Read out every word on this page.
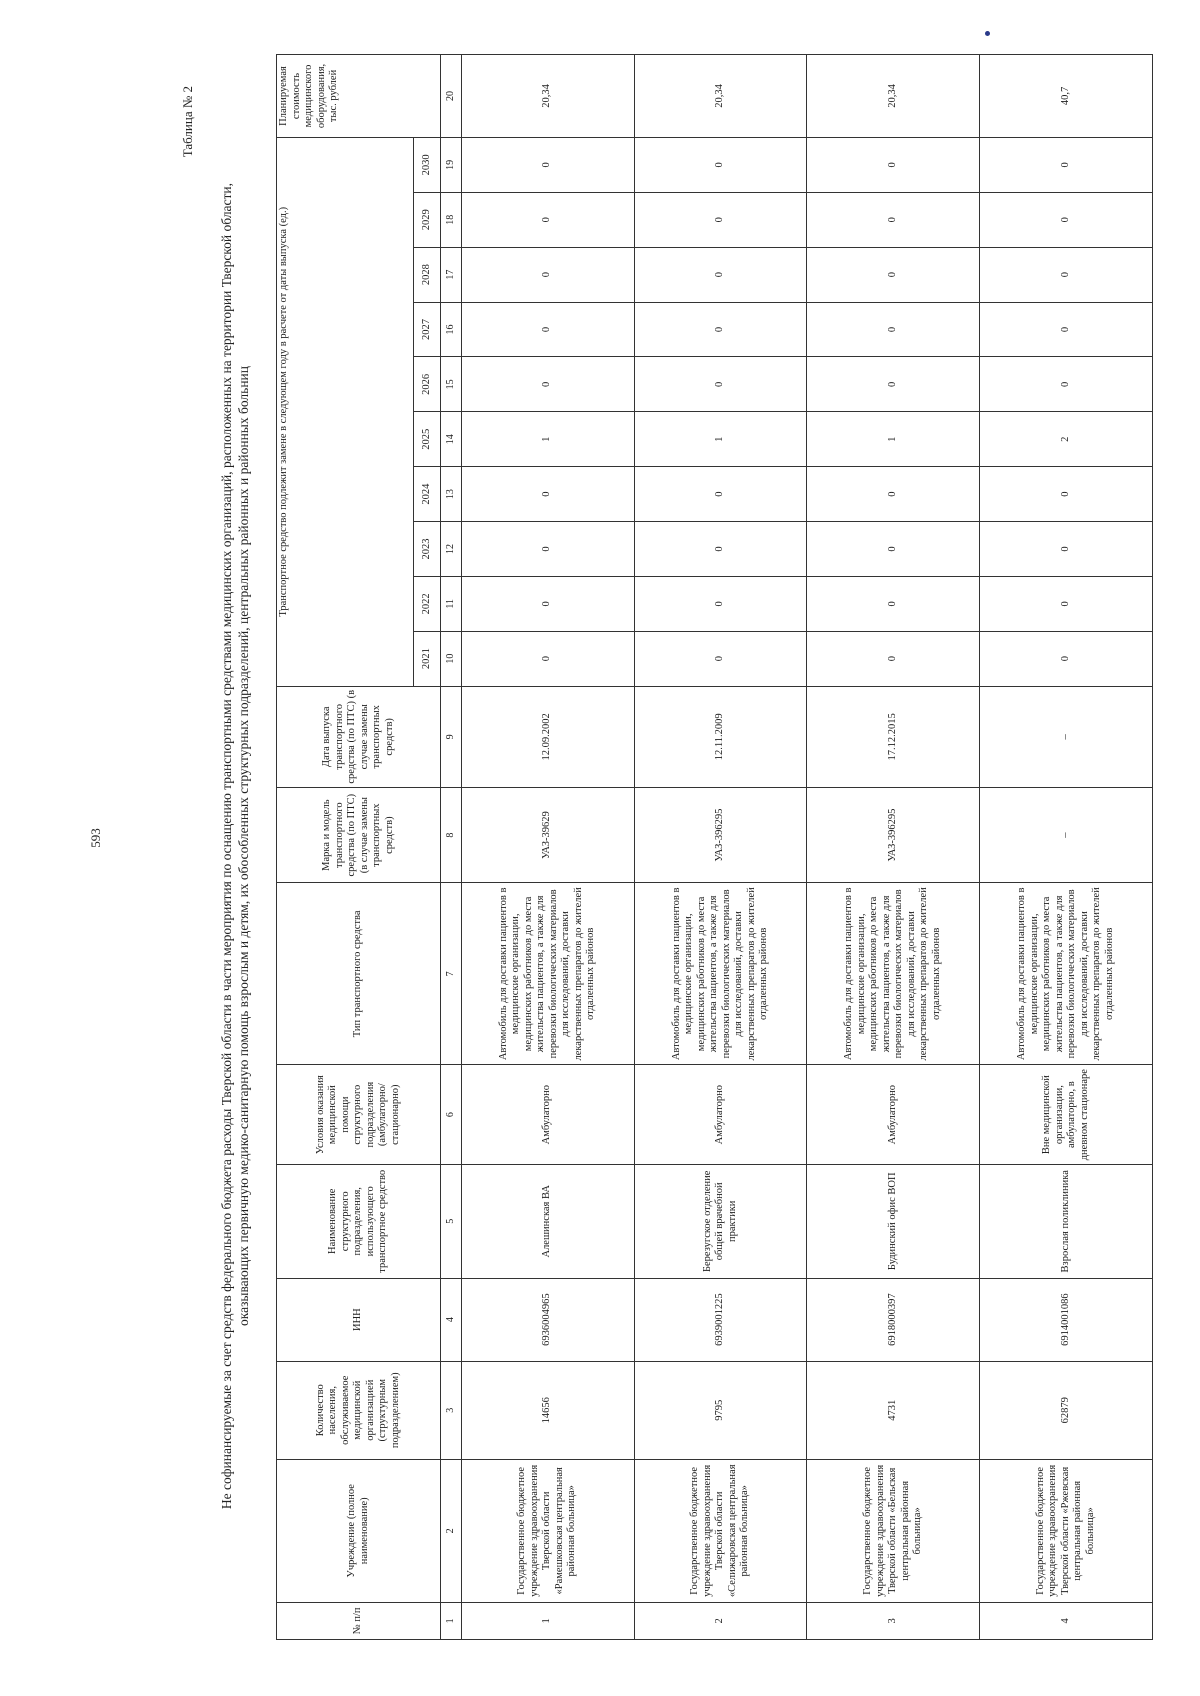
593
Таблица № 2
Не софинансируемые за счет средств федерального бюджета расходы Тверской области в части мероприятия по оснащению транспортными средствами медицинских организаций, расположенных на территории Тверской области, оказывающих первичную медико-санитарную помощь взрослым и детям, их обособленных структурных подразделений, центральных районных и районных больниц
№ п/п	Учреждение (полное наименование)	Количество населения, обслуживаемое медицинской организацией (структурным подразделением)	ИНН	Наименование структурного подразделения, использующего транспортное средство	Условия оказания медицинской помощи структурного подразделения (амбулаторно/ стационарно)	Тип транспортного средства	Марка и модель транспортного средства (по ПТС) (в случае замены транспортных средств)	Дата выпуска транспортного средства (по ПТС) (в случае замены транспортных средств)	Транспортное средство подлежит замене в следующем году в расчете от даты выпуска (ед.)										Планируемая стоимость медицинского оборудования, тыс. рублей
									2021	2022	2023	2024	2025	2026	2027	2028	2029	2030	
1	2	3	4	5	6	7	8	9	10	11	12	13	14	15	16	17	18	19	20
1	Государственное бюджетное учреждение здравоохранения Тверской области «Рамешковская центральная районная больница»	14656	6936004965	Алешинская ВА	Амбулаторно	Автомобиль для доставки пациентов в медицинские организации, медицинских работников до места жительства пациентов, а также для перевозки биологических материалов для исследований, доставки лекарственных препаратов до жителей отдаленных районов	УАЗ-39629	12.09.2002	0	0	0	0	1	0	0	0	0	0	20,34
2	Государственное бюджетное учреждение здравоохранения Тверской области «Селижаровская центральная районная больница»	9795	6939001225	Березугское отделение общей врачебной практики	Амбулаторно	Автомобиль для доставки пациентов в медицинские организации, медицинских работников до места жительства пациентов, а также для перевозки биологических материалов для исследований, доставки лекарственных препаратов до жителей отдаленных районов	УАЗ-396295	12.11.2009	0	0	0	0	1	0	0	0	0	0	20,34
3	Государственное бюджетное учреждение здравоохранения Тверской области «Бельская центральная районная больница»	4731	6918000397	Будинский офис ВОП	Амбулаторно	Автомобиль для доставки пациентов в медицинские организации, медицинских работников до места жительства пациентов, а также для перевозки биологических материалов для исследований, доставки лекарственных препаратов до жителей отдаленных районов	УАЗ-396295	17.12.2015	0	0	0	0	1	0	0	0	0	0	20,34
4	Государственное бюджетное учреждение здравоохранения Тверской области «Ржевская центральная районная больница»	62879	6914001086	Взрослая поликлиника	Вне медицинской организации, амбулаторно, в дневном стационаре	Автомобиль для доставки пациентов в медицинские организации, медицинских работников до места жительства пациентов, а также для перевозки биологических материалов для исследований, доставки лекарственных препаратов до жителей отдаленных районов	–	–	0	0	0	0	2	0	0	0	0	0	40,7
